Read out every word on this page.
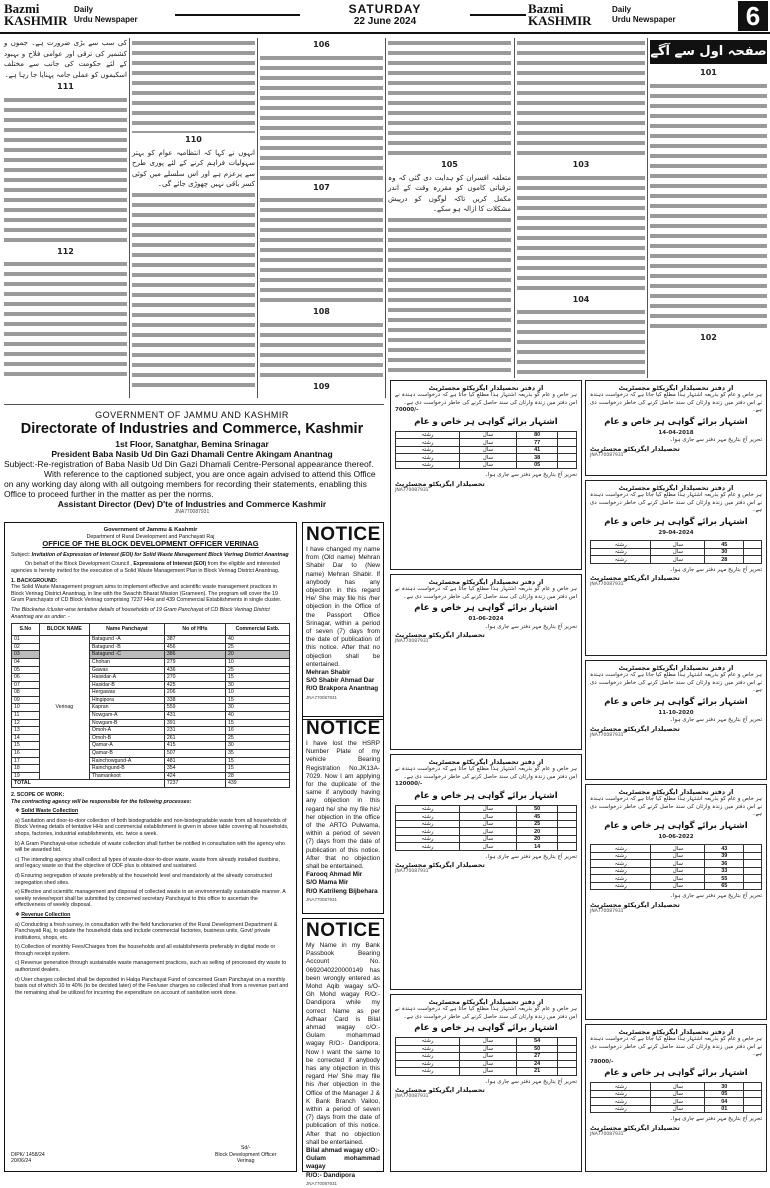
Bazmi
KASHMIR
Daily
Urdu Newspaper
SATURDAY
22 June 2024
Bazmi
KASHMIR
Daily
Urdu Newspaper	6
کی سب سے بڑی ضرورت ہے۔ جموں و کشمیر کی ترقی اور عوامی فلاح و بہبود کے لئے حکومت کی جانب سے مختلف اسکیموں کو عملی جامہ پہنایا جا رہا ہے۔
111
112
110
انہوں نے کہا کہ انتظامیہ عوام کو بہتر سہولیات فراہم کرنے کے لئے پوری طرح سے پرعزم ہے اور اس سلسلے میں کوئی کسر باقی نہیں چھوڑی جائے گی۔
106
107
108
109
105
متعلقہ افسران کو ہدایت دی گئی کہ وہ ترقیاتی کاموں کو مقررہ وقت کے اندر مکمل کریں تاکہ لوگوں کو درپیش مشکلات کا ازالہ ہو سکے۔
103
104
صفحہ اول سے آگے
101
102
GOVERNMENT OF JAMMU AND KASHMIR
Directorate of Industries and Commerce, Kashmir
1st Floor, Sanatghar, Bemina Srinagar
President Baba Nasib Ud Din Gazi Dhamali Centre Akingam Anantnag
Subject:-Re-registration of Baba Nasib Ud Din Gazi Dhamali Centre-Personal appearance thereof.
With reference to the captioned subject, you are once again advised to attend this Office on any working day along with all outgoing members for recording their statements, enabling this Office to proceed further in the matter as per the norms.
Assistant Director (Dev) D'te of Industries and Commerce Kashmir
JNA770087931
Government of Jammu & Kashmir
Department of Rural Development and Panchayati Raj
OFFICE OF THE BLOCK DEVELOPMENT OFFICER VERINAG

Subject: Invitation of Expression of Interest (EOI) for Solid Waste Management Block Verinag District Anantnag

On behalf of the Block Development Council , Expressions of Interest (EOI) from the eligible and interested agencies is hereby invited for the execution of a Solid Waste Management Plan in Block Verinag District Anantnag.

1. BACKGROUND:
The Solid Waste Management program aims to implement effective and scientific waste management practices in Block Verinag District Anantnag, in line with the Swachh Bharat Mission (Grameen). The program will cover the 19 Gram Panchayats of CD Block Verinag comprising 7237 HHs and 439 Commercial Establishments in single cluster.

The Blockwise /cluster-wise tentative details of households of 19 Gram Panchayat of CD Block Verinag District Anantnag are as under: -

S.No	BLOCK NAME	Name Panchayat	No of HHs	Commercial Estb.
01	Verinag	Batagund -A	387	40
02		Batagund -B	456	25
03		Batagund -C	386	20
04		Chohan	279	10
05		Gawas	436	25
06		Haisidar-A	270	15
07		Hasidar-B	425	30
08		Hergawas	206	10
09		Hingipora	338	15
10		Kapran	559	30
11		Nowgam-A	431	40
12		Nowgam-B	391	15
13		Omoh-A	231	16
14		Omoh-B	261	25
15		Qamar-A	415	30
16		Qamar-B	507	35
17		Rainchowgund-A	481	15
18		Rainchgund-B	354	15
19		Thamankoot	424	28
TOTAL			7237	439

2. SCOPE OF WORK:
The contracting agency will be responsible for the following processes:

❖ Solid Waste Collection

a) Sanitation and door-to-door collection of both biodegradable and non-biodegradable waste from all households of Block Verinag details of tentative HHs and commercial establishment is given in above table covering all households, shops, factories, industrial establishments, etc. twice a week.

b) A Gram Panchayat-wise schedule of waste collection shall further be notified in consultation with the agency who will be awarded bid.

c) The intending agency shall collect all types of waste-door-to-door waste, waste from already installed dustbins, and legacy waste so that the objective of ODF plus is obtained and sustained.

d) Ensuring segregation of waste preferably at the household level and mandatorily at the already constructed segregation shed sites.

e) Effective and scientific management and disposal of collected waste in an environmentally sustainable manner. A weekly review/report shall be submitted by concerned secretary Panchayat to this office to ascertain the effectiveness of weekly disposal.

❖ Revenue Collection

a) Conducting a fresh survey, in consultation with the field functionaries of the Rural Development Department & Panchayati Raj, to update the household data and include commercial factories, business units, Govt/ private institutions, shops, etc.

b) Collection of monthly Fees/Charges from the households and all establishments preferably in digital mode or through receipt system.

c) Revenue generation through sustainable waste management practices, such as selling of processed dry waste to authorized dealers.

d) User charges collected shall be deposited in Halqa Panchayat Fund of concerned Gram Panchayat on a monthly basis out of which 10 to 40% (to be decided later) of the Fee/user charges so collected shall from a revenue part and the remaining shall be utilized for incurring the expenditure on account of sanitation work done.

DIPK/ 1458/24
20/06/24
Sd/-
Block Development Officer
Verinag
NOTICE
I have changed my name from (Old name) Mehran Shabir Dar to (New name) Mehran Shabir. If anybody has any objection in this regard He/ She may file his /her objection in the Office of the Passport Office Srinagar, within a period of seven (7) days from the date of publication of this notice. After that no objection shall be entertained.
Mehran Shabir
S/O Shabir Ahmad Dar
R/O Brakpora Anantnag
JNA770087931
NOTICE
I have lost the HSRP Number Plate of my vehicle Bearing Registration No.JK13A-7029. Now I am applying for the duplicate of the same if anybody having any objection in this regard he/ she my file his/ her objection in the office of the ARTO Pulwama, within a period of seven (7) days from the date of publication of this notice. After that no objection shall be entertained.
Farooq Ahmad Mir
S/O Mama Mir
R/O Katrileng Bijbehara
JNA770087931
NOTICE
My Name in my Bank Passbook Bearing Account No. 0692040220000149 has been wrongly entered as Mohd Aqib wagay s/O- Gh Mohd wagay R/O:- Dandipora while my correct Name as per Adhaar Card is Bilal ahmad wagay c/O:- Gulam mohammad wagay R/O:- Dandipora. Now I want the same to be corrected if anybody has any objection in this regard He/ She may file his /her objection in the Office of the Manager J & K Bank Branch Vailoo, within a period of seven (7) days from the date of publication of this notice. After that no objection shall be entertained.
Bilal ahmad wagay c/O:-
Gulam mohammad wagay
R/O:- Dandipora
JNA770087931
از دفتر تحصیلدار ایگزیکٹو مجسٹریٹ
ہر خاص و عام کو بذریعہ اشتہار ہذا مطلع کیا جاتا ہے کہ درخواست دہندہ نے اس دفتر میں زندہ وارثان کی سند حاصل کرنے کی خاطر درخواست دی ہے۔
70000/-
اشتہار برائے گواہی ہر خاص و عام
	80	سال	رشتہ
	77	سال	رشتہ
	41	سال	رشتہ
	38	سال	رشتہ
	05	سال	رشتہ
تحریر آج بتاریخ مہر دفتر سے جاری ہوا۔
تحصیلدار ایگزیکٹو مجسٹریٹ
JNA770087931
از دفتر تحصیلدار ایگزیکٹو مجسٹریٹ
ہر خاص و عام کو بذریعہ اشتہار ہذا مطلع کیا جاتا ہے کہ درخواست دہندہ نے اس دفتر میں زندہ وارثان کی سند حاصل کرنے کی خاطر درخواست دی ہے۔
اشتہار برائے گواہی ہر خاص و عام
01-06-2024
تحریر آج بتاریخ مہر دفتر سے جاری ہوا۔
تحصیلدار ایگزیکٹو مجسٹریٹ
JNA770087931
از دفتر تحصیلدار ایگزیکٹو مجسٹریٹ
ہر خاص و عام کو بذریعہ اشتہار ہذا مطلع کیا جاتا ہے کہ درخواست دہندہ نے اس دفتر میں زندہ وارثان کی سند حاصل کرنے کی خاطر درخواست دی ہے۔
120000/-
اشتہار برائے گواہی ہر خاص و عام
	50	سال	رشتہ
	45	سال	رشتہ
	25	سال	رشتہ
	20	سال	رشتہ
	20	سال	رشتہ
	14	سال	رشتہ
تحریر آج بتاریخ مہر دفتر سے جاری ہوا۔
تحصیلدار ایگزیکٹو مجسٹریٹ
JNA770087931
از دفتر تحصیلدار ایگزیکٹو مجسٹریٹ
ہر خاص و عام کو بذریعہ اشتہار ہذا مطلع کیا جاتا ہے کہ درخواست دہندہ نے اس دفتر میں زندہ وارثان کی سند حاصل کرنے کی خاطر درخواست دی ہے۔
اشتہار برائے گواہی ہر خاص و عام
	54	سال	رشتہ
	50	سال	رشتہ
	27	سال	رشتہ
	24	سال	رشتہ
	21	سال	رشتہ
تحریر آج بتاریخ مہر دفتر سے جاری ہوا۔
تحصیلدار ایگزیکٹو مجسٹریٹ
JNA770087931
از دفتر تحصیلدار ایگزیکٹو مجسٹریٹ
ہر خاص و عام کو بذریعہ اشتہار ہذا مطلع کیا جاتا ہے کہ درخواست دہندہ نے اس دفتر میں زندہ وارثان کی سند حاصل کرنے کی خاطر درخواست دی ہے۔
اشتہار برائے گواہی ہر خاص و عام
14-04-2018
تحریر آج بتاریخ مہر دفتر سے جاری ہوا۔
تحصیلدار ایگزیکٹو مجسٹریٹ
JNA770087931
از دفتر تحصیلدار ایگزیکٹو مجسٹریٹ
ہر خاص و عام کو بذریعہ اشتہار ہذا مطلع کیا جاتا ہے کہ درخواست دہندہ نے اس دفتر میں زندہ وارثان کی سند حاصل کرنے کی خاطر درخواست دی ہے۔
اشتہار برائے گواہی ہر خاص و عام
29-04-2024
	45	سال	رشتہ
	30	سال	رشتہ
	28	سال	رشتہ
تحریر آج بتاریخ مہر دفتر سے جاری ہوا۔
تحصیلدار ایگزیکٹو مجسٹریٹ
JNA770087931
از دفتر تحصیلدار ایگزیکٹو مجسٹریٹ
ہر خاص و عام کو بذریعہ اشتہار ہذا مطلع کیا جاتا ہے کہ درخواست دہندہ نے اس دفتر میں زندہ وارثان کی سند حاصل کرنے کی خاطر درخواست دی ہے۔
اشتہار برائے گواہی ہر خاص و عام
11-10-2020
تحریر آج بتاریخ مہر دفتر سے جاری ہوا۔
تحصیلدار ایگزیکٹو مجسٹریٹ
JNA770087931
از دفتر تحصیلدار ایگزیکٹو مجسٹریٹ
ہر خاص و عام کو بذریعہ اشتہار ہذا مطلع کیا جاتا ہے کہ درخواست دہندہ نے اس دفتر میں زندہ وارثان کی سند حاصل کرنے کی خاطر درخواست دی ہے۔
اشتہار برائے گواہی ہر خاص و عام
10-06-2022
	43	سال	رشتہ
	39	سال	رشتہ
	36	سال	رشتہ
	33	سال	رشتہ
	55	سال	رشتہ
	65	سال	رشتہ
تحریر آج بتاریخ مہر دفتر سے جاری ہوا۔
تحصیلدار ایگزیکٹو مجسٹریٹ
JNA770087931
از دفتر تحصیلدار ایگزیکٹو مجسٹریٹ
ہر خاص و عام کو بذریعہ اشتہار ہذا مطلع کیا جاتا ہے کہ درخواست دہندہ نے اس دفتر میں زندہ وارثان کی سند حاصل کرنے کی خاطر درخواست دی ہے۔
78000/-
اشتہار برائے گواہی ہر خاص و عام
	30	سال	رشتہ
	05	سال	رشتہ
	04	سال	رشتہ
	01	سال	رشتہ
تحریر آج بتاریخ مہر دفتر سے جاری ہوا۔
تحصیلدار ایگزیکٹو مجسٹریٹ
JNA770087931
